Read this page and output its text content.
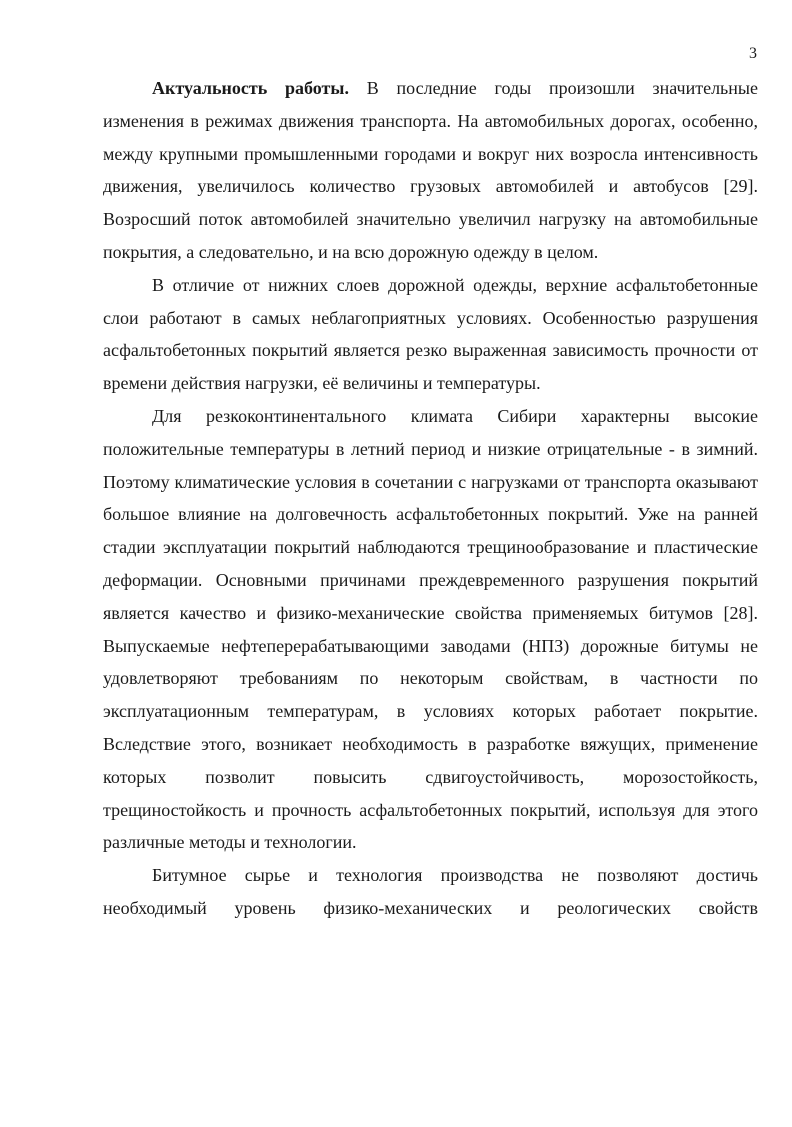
3

Актуальность работы. В последние годы произошли значительные изменения в режимах движения транспорта. На автомобильных дорогах, особенно, между крупными промышленными городами и вокруг них возросла интенсивность движения, увеличилось количество грузовых автомобилей и автобусов [29]. Возросший поток автомобилей значительно увеличил нагрузку на автомобильные покрытия, а следовательно, и на всю дорожную одежду в целом.

В отличие от нижних слоев дорожной одежды, верхние асфальтобетонные слои работают в самых неблагоприятных условиях. Особенностью разрушения асфальтобетонных покрытий является резко выраженная зависимость прочности от времени действия нагрузки, её величины и температуры.

Для резкоконтинентального климата Сибири характерны высокие положительные температуры в летний период и низкие отрицательные - в зимний. Поэтому климатические условия в сочетании с нагрузками от транспорта оказывают большое влияние на долговечность асфальтобетонных покрытий. Уже на ранней стадии эксплуатации покрытий наблюдаются трещинообразование и пластические деформации. Основными причинами преждевременного разрушения покрытий является качество и физико-механические свойства применяемых битумов [28]. Выпускаемые нефтеперерабатывающими заводами (НПЗ) дорожные битумы не удовлетворяют требованиям по некоторым свойствам, в частности по эксплуатационным температурам, в условиях которых работает покрытие. Вследствие этого, возникает необходимость в разработке вяжущих, применение которых позволит повысить сдвигоустойчивость, морозостойкость, трещиностойкость и прочность асфальтобетонных покрытий, используя для этого различные методы и технологии.

Битумное сырье и технология производства не позволяют достичь необходимый уровень физико-механических и реологических свойств
